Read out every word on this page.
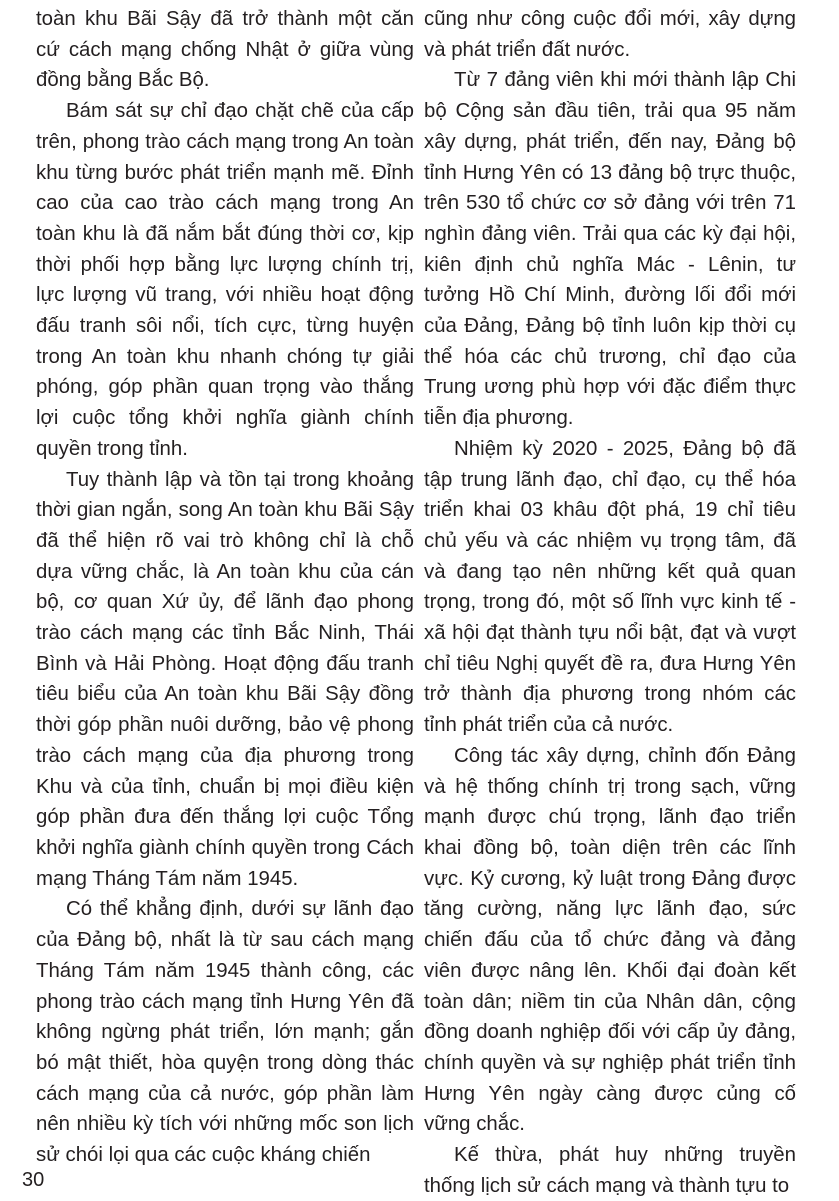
toàn khu Bãi Sậy đã trở thành một căn cứ cách mạng chống Nhật ở giữa vùng đồng bằng Bắc Bộ.

Bám sát sự chỉ đạo chặt chẽ của cấp trên, phong trào cách mạng trong An toàn khu từng bước phát triển mạnh mẽ. Đỉnh cao của cao trào cách mạng trong An toàn khu là đã nắm bắt đúng thời cơ, kịp thời phối hợp bằng lực lượng chính trị, lực lượng vũ trang, với nhiều hoạt động đấu tranh sôi nổi, tích cực, từng huyện trong An toàn khu nhanh chóng tự giải phóng, góp phần quan trọng vào thắng lợi cuộc tổng khởi nghĩa giành chính quyền trong tỉnh.

Tuy thành lập và tồn tại trong khoảng thời gian ngắn, song An toàn khu Bãi Sậy đã thể hiện rõ vai trò không chỉ là chỗ dựa vững chắc, là An toàn khu của cán bộ, cơ quan Xứ ủy, để lãnh đạo phong trào cách mạng các tỉnh Bắc Ninh, Thái Bình và Hải Phòng. Hoạt động đấu tranh tiêu biểu của An toàn khu Bãi Sậy đồng thời góp phần nuôi dưỡng, bảo vệ phong trào cách mạng của địa phương trong Khu và của tỉnh, chuẩn bị mọi điều kiện góp phần đưa đến thắng lợi cuộc Tổng khởi nghĩa giành chính quyền trong Cách mạng Tháng Tám năm 1945.

Có thể khẳng định, dưới sự lãnh đạo của Đảng bộ, nhất là từ sau cách mạng Tháng Tám năm 1945 thành công, các phong trào cách mạng tỉnh Hưng Yên đã không ngừng phát triển, lớn mạnh; gắn bó mật thiết, hòa quyện trong dòng thác cách mạng của cả nước, góp phần làm nên nhiều kỳ tích với những mốc son lịch sử chói lọi qua các cuộc kháng chiến

cũng như công cuộc đổi mới, xây dựng và phát triển đất nước.

Từ 7 đảng viên khi mới thành lập Chi bộ Cộng sản đầu tiên, trải qua 95 năm xây dựng, phát triển, đến nay, Đảng bộ tỉnh Hưng Yên có 13 đảng bộ trực thuộc, trên 530 tổ chức cơ sở đảng với trên 71 nghìn đảng viên. Trải qua các kỳ đại hội, kiên định chủ nghĩa Mác - Lênin, tư tưởng Hồ Chí Minh, đường lối đổi mới của Đảng, Đảng bộ tỉnh luôn kịp thời cụ thể hóa các chủ trương, chỉ đạo của Trung ương phù hợp với đặc điểm thực tiễn địa phương.

Nhiệm kỳ 2020 - 2025, Đảng bộ đã tập trung lãnh đạo, chỉ đạo, cụ thể hóa triển khai 03 khâu đột phá, 19 chỉ tiêu chủ yếu và các nhiệm vụ trọng tâm, đã và đang tạo nên những kết quả quan trọng, trong đó, một số lĩnh vực kinh tế - xã hội đạt thành tựu nổi bật, đạt và vượt chỉ tiêu Nghị quyết đề ra, đưa Hưng Yên trở thành địa phương trong nhóm các tỉnh phát triển của cả nước.

Công tác xây dựng, chỉnh đốn Đảng và hệ thống chính trị trong sạch, vững mạnh được chú trọng, lãnh đạo triển khai đồng bộ, toàn diện trên các lĩnh vực. Kỷ cương, kỷ luật trong Đảng được tăng cường, năng lực lãnh đạo, sức chiến đấu của tổ chức đảng và đảng viên được nâng lên. Khối đại đoàn kết toàn dân; niềm tin của Nhân dân, cộng đồng doanh nghiệp đối với cấp ủy đảng, chính quyền và sự nghiệp phát triển tỉnh Hưng Yên ngày càng được củng cố vững chắc.

Kế thừa, phát huy những truyền thống lịch sử cách mạng và thành tựu to

30
